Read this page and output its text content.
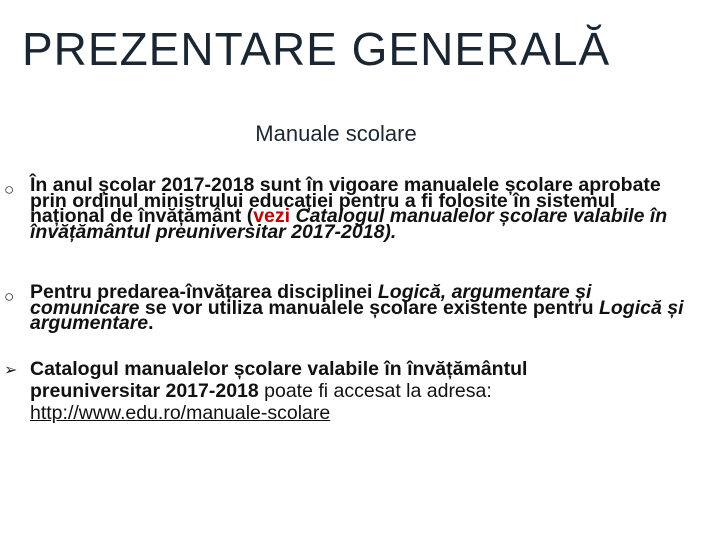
PREZENTARE GENERALĂ
Manuale scolare
○
În anul școlar 2017-2018 sunt în vigoare manualele școlare aprobate prin ordinul ministrului educației pentru a fi folosite în sistemul național de învățământ (vezi Catalogul manualelor școlare valabile în învățământul preuniversitar 2017-2018).
○
Pentru predarea-învățarea disciplinei Logică, argumentare și comunicare se vor utiliza manualele școlare existente pentru Logică și argumentare.
➢
Catalogul manualelor școlare valabile în învățământul preuniversitar 2017-2018 poate fi accesat la adresa:
http://www.edu.ro/manuale-scolare
